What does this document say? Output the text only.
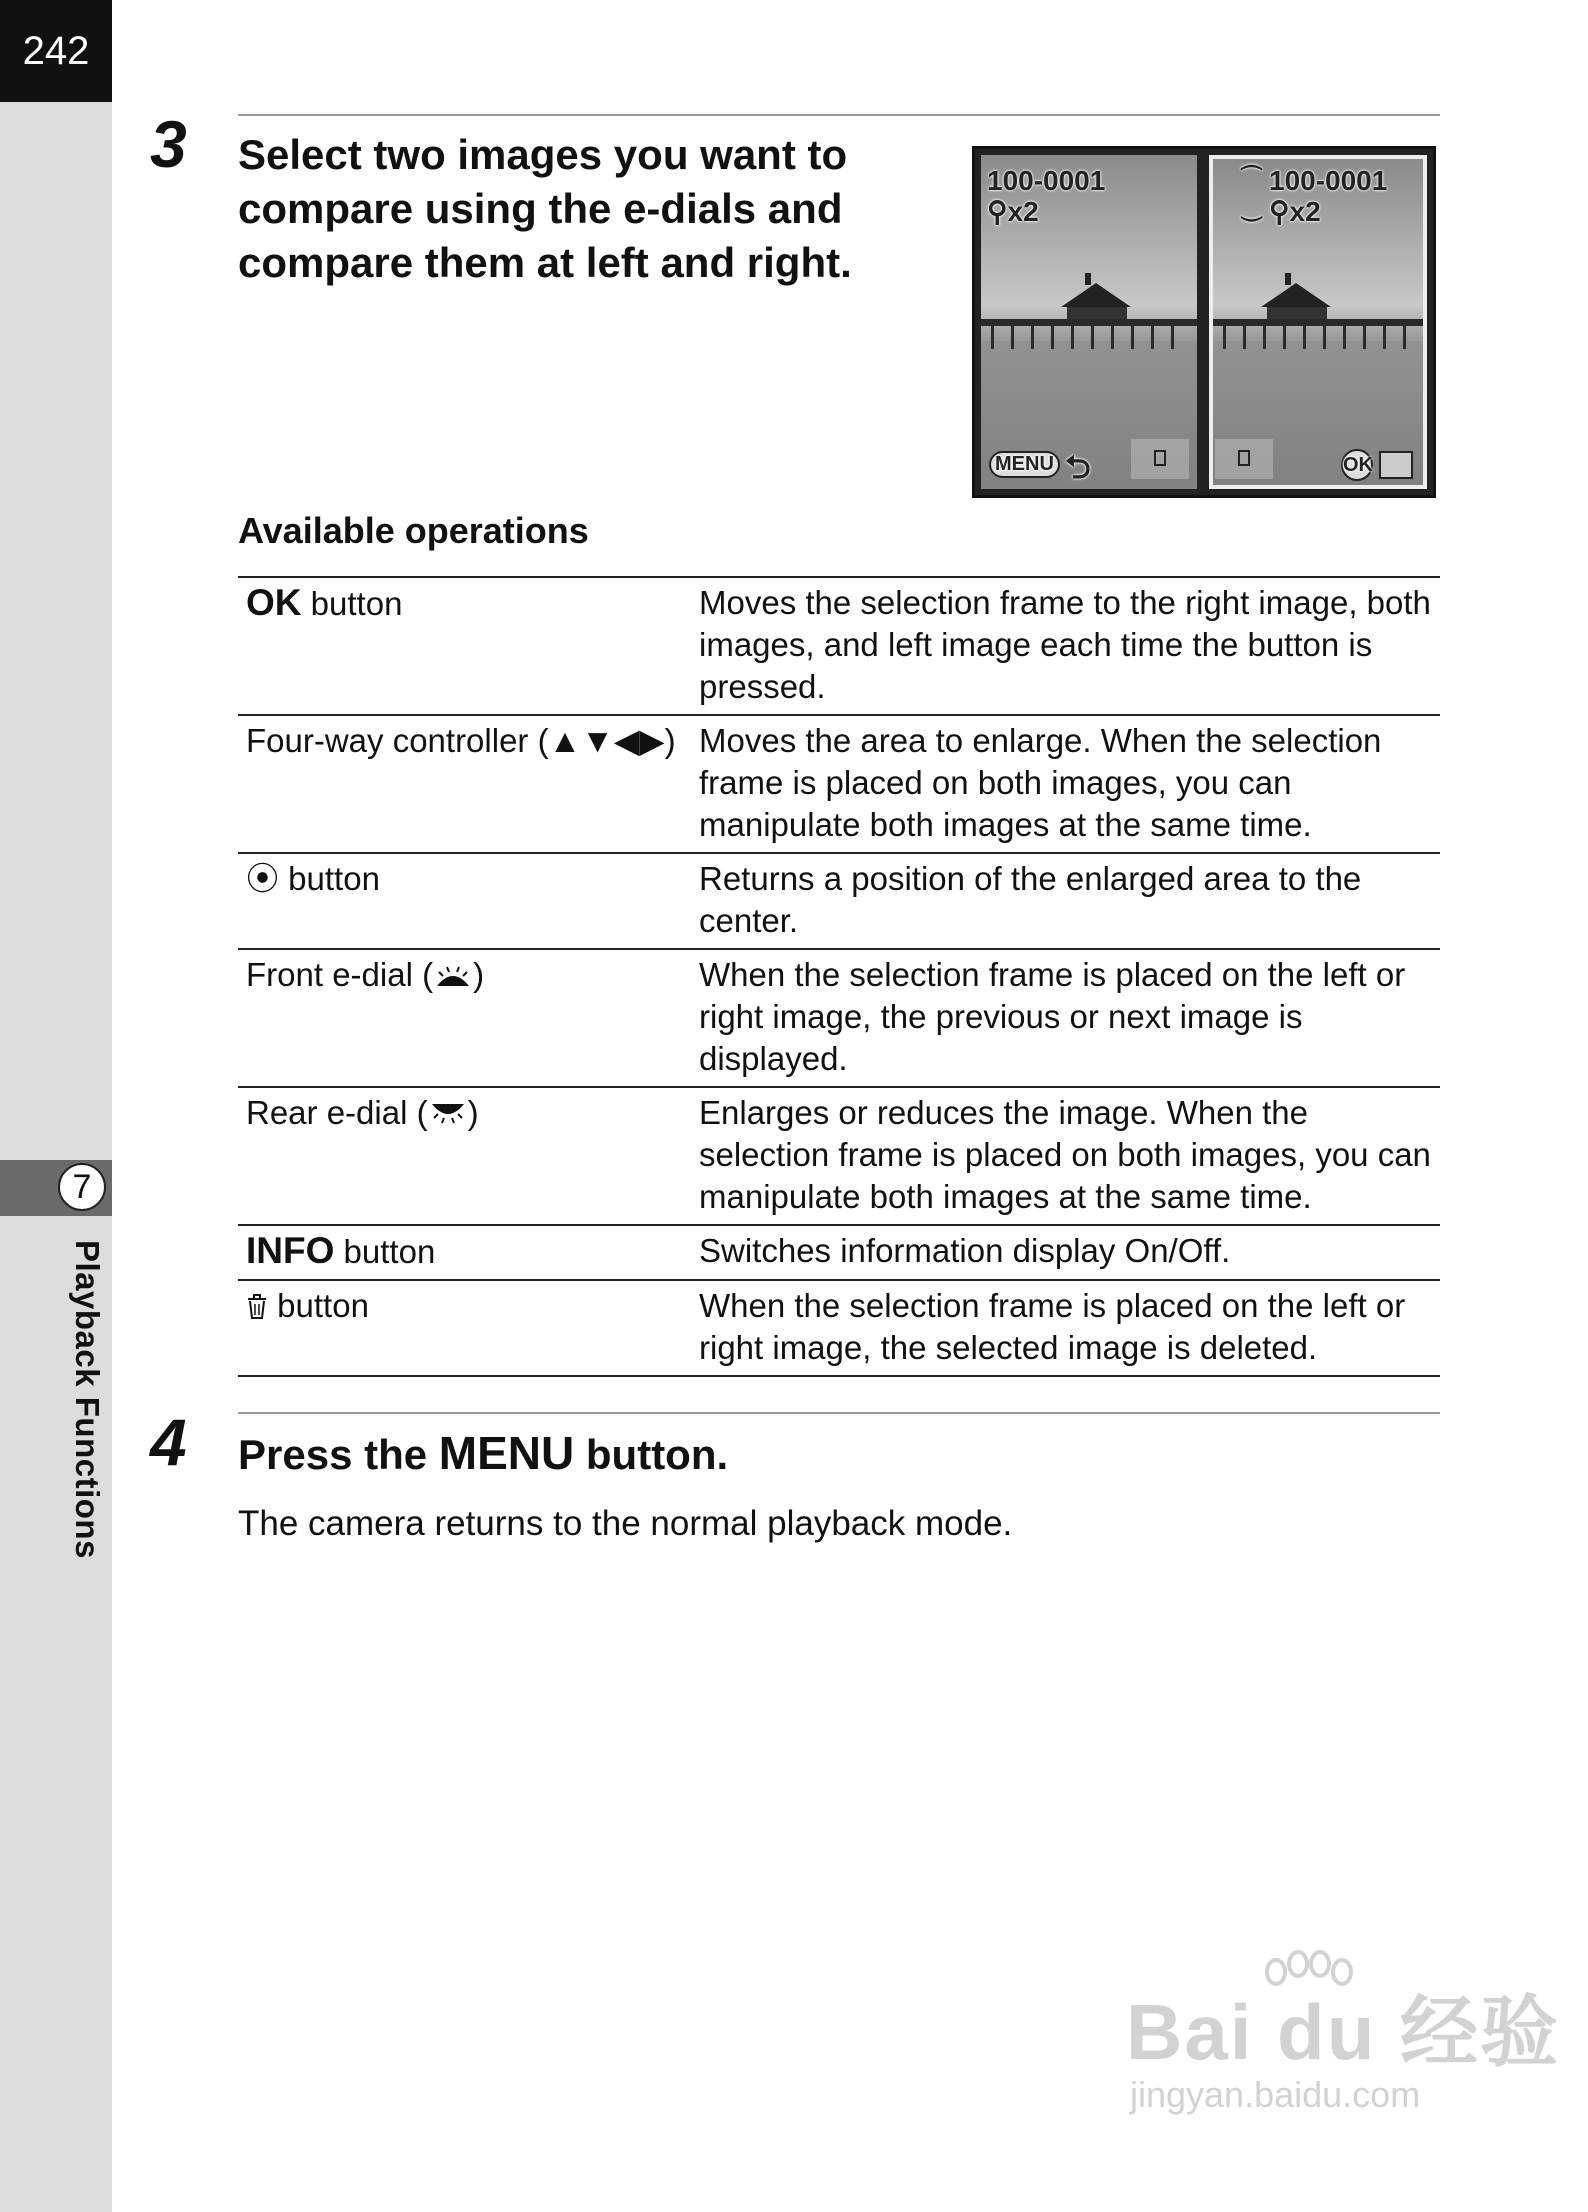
242
7
Playback Functions
3 Select two images you want to
compare using the e-dials and
compare them at left and right.
100-0001
⚲x2
MENU ⮌
⏜ 100-0001
⏝ ⚲x2
OK
Available operations
OK button	Moves the selection frame to the right image, both images, and left image each time the button is pressed.
Four-way controller (▲▼◀▶)	Moves the area to enlarge. When the selection frame is placed on both images, you can manipulate both images at the same time.
⦿ button	Returns a position of the enlarged area to the center.
Front e-dial ( )	When the selection frame is placed on the left or right image, the previous or next image is displayed.
Rear e-dial ( )	Enlarges or reduces the image. When the selection frame is placed on both images, you can manipulate both images at the same time.
INFO button	Switches information display On/Off.
button	When the selection frame is placed on the left or right image, the selected image is deleted.
4 Press the MENU button.
The camera returns to the normal playback mode.
Bai du 经验
jingyan.baidu.com
